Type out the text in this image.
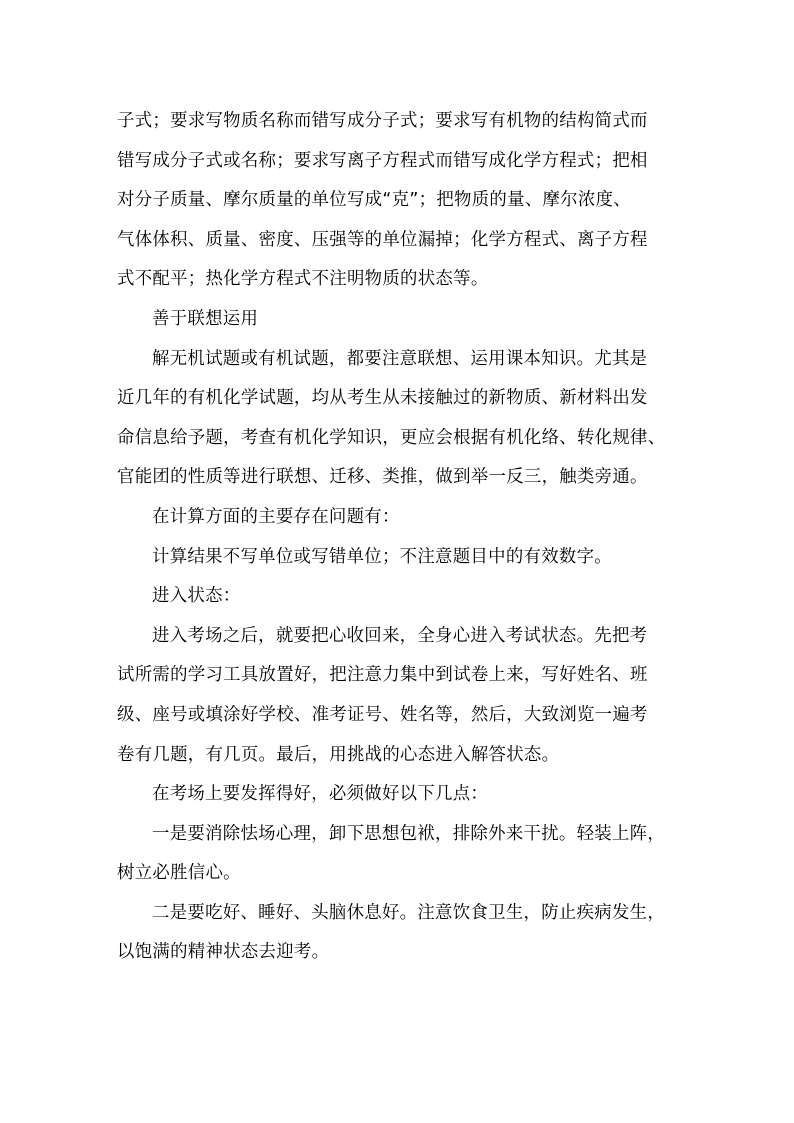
子式；要求写物质名称而错写成分子式；要求写有机物的结构简式而
错写成分子式或名称；要求写离子方程式而错写成化学方程式；把相
对分子质量、摩尔质量的单位写成“克”；把物质的量、摩尔浓度、
气体体积、质量、密度、压强等的单位漏掉；化学方程式、离子方程
式不配平；热化学方程式不注明物质的状态等。

善于联想运用

解无机试题或有机试题，都要注意联想、运用课本知识。尤其是
近几年的有机化学试题，均从考生从未接触过的新物质、新材料出发
命信息给予题，考查有机化学知识，更应会根据有机化络、转化规律、
官能团的性质等进行联想、迁移、类推，做到举一反三，触类旁通。

在计算方面的主要存在问题有：

计算结果不写单位或写错单位；不注意题目中的有效数字。

进入状态：

进入考场之后，就要把心收回来，全身心进入考试状态。先把考
试所需的学习工具放置好，把注意力集中到试卷上来，写好姓名、班
级、座号或填涂好学校、准考证号、姓名等，然后，大致浏览一遍考
卷有几题，有几页。最后，用挑战的心态进入解答状态。

在考场上要发挥得好，必须做好以下几点：

一是要消除怯场心理，卸下思想包袱，排除外来干扰。轻装上阵，
树立必胜信心。

二是要吃好、睡好、头脑休息好。注意饮食卫生，防止疾病发生，
以饱满的精神状态去迎考。
